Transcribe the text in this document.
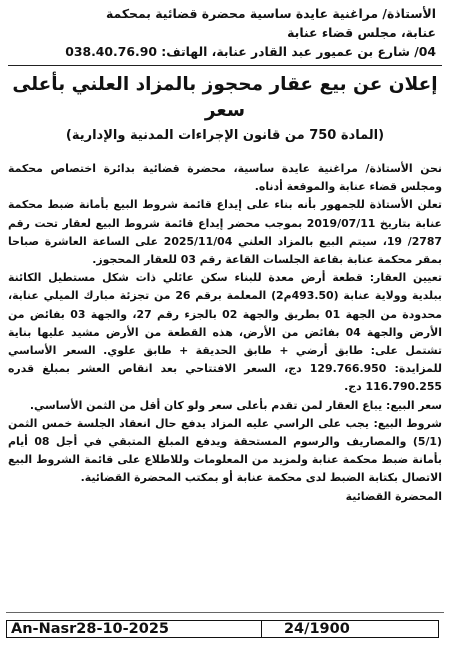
الأستاذة/ مراغنية عايدة ساسية محضرة قضائية بمحكمة
عنابة، مجلس قضاء عنابة
04/ شارع بن عميور عبد القادر عنابة، الهاتف: 038.40.76.90
إعلان عن بيع عقار محجوز بالمزاد العلني بأعلى سعر
(المادة 750 من قانون الإجراءات المدنية والإدارية)

نحن الأستاذة/ مراغنية عايدة ساسية، محضرة قضائية بدائرة اختصاص محكمة ومجلس قضاء عنابة والموقعة أدناه.

تعلن الأستاذة للجمهور بأنه بناء على إيداع قائمة شروط البيع بأمانة ضبط محكمة عنابة بتاريخ 2019/07/11 بموجب محضر إيداع قائمة شروط البيع لعقار تحت رقم 2787/ 19، سيتم البيع بالمزاد العلني 2025/11/04 على الساعة العاشرة صباحا بمقر محكمة عنابة بقاعة الجلسات القاعة رقم 03 للعقار المحجوز.

تعيين العقار: قطعة أرض معدة للبناء سكن عائلي ذات شكل مستطيل الكائنة ببلدية وولاية عنابة (493.50م2) المعلمة برقم 26 من تجزئة مبارك الميلي عنابة، محدودة من الجهة 01 بطريق والجهة 02 بالجزء رقم 27، والجهة 03 بفائض من الأرض والجهة 04 بفائض من الأرض، هذه القطعة من الأرض مشيد عليها بناية تشتمل على: طابق أرضي + طابق الحديقة + طابق علوي. السعر الأساسي للمزايدة: 129.766.950 دج، السعر الافتتاحي بعد انقاص العشر بمبلغ قدره 116.790.255 دج.

سعر البيع: يباع العقار لمن تقدم بأعلى سعر ولو كان أقل من الثمن الأساسي.

شروط البيع: يجب على الراسي عليه المزاد يدفع حال انعقاد الجلسة خمس الثمن (5/1) والمصاريف والرسوم المستحقة ويدفع المبلغ المتبقي في أجل 08 أيام بأمانة ضبط محكمة عنابة ولمزيد من المعلومات وللاطلاع على قائمة الشروط البيع الاتصال بكتابة الضبط لدى محكمة عنابة أو بمكتب المحضرة القضائية.

المحضرة القضائية

An-Nasr28-10-2025	24/1900
